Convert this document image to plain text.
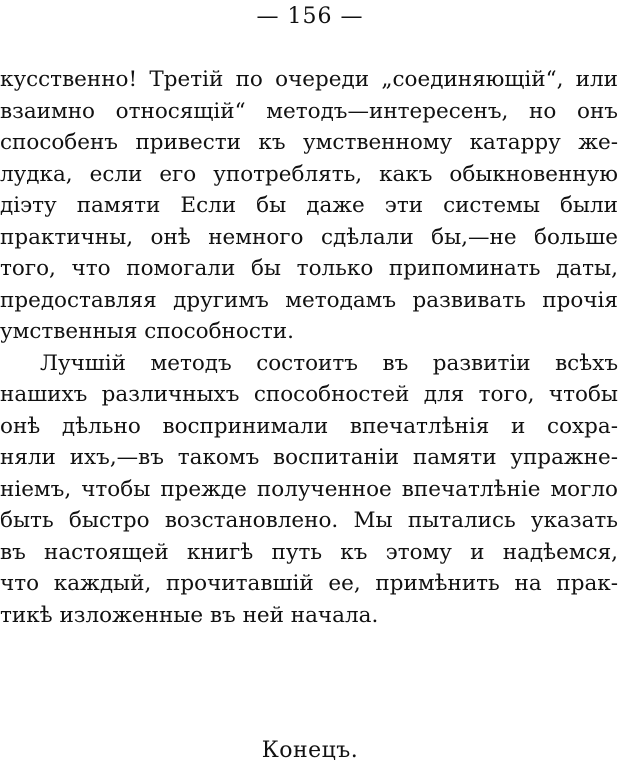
— 156 —
кусственно! Третій по очереди „соединяющій“, или
взаимно относящій“ методъ—интересенъ, но онъ
способенъ привести къ умственному катарру же-
лудка, если его употреблять, какъ обыкновенную
діэту памяти Если бы даже эти системы были
практичны, онѣ немного сдѣлали бы,—не больше
того, что помогали бы только припоминать даты,
предоставляя другимъ методамъ развивать прочія
умственныя способности.
Лучшій методъ состоитъ въ развитіи всѣхъ
нашихъ различныхъ способностей для того, чтобы
онѣ дѣльно воспринимали впечатлѣнія и сохра-
няли ихъ,—въ такомъ воспитаніи памяти упражне-
ніемъ, чтобы прежде полученное впечатлѣніе могло
быть быстро возстановлено. Мы пытались указать
въ настоящей книгѣ путь къ этому и надѣемся,
что каждый, прочитавшій ее, примѣнить на прак-
тикѣ изложенные въ ней начала.
Конецъ.
